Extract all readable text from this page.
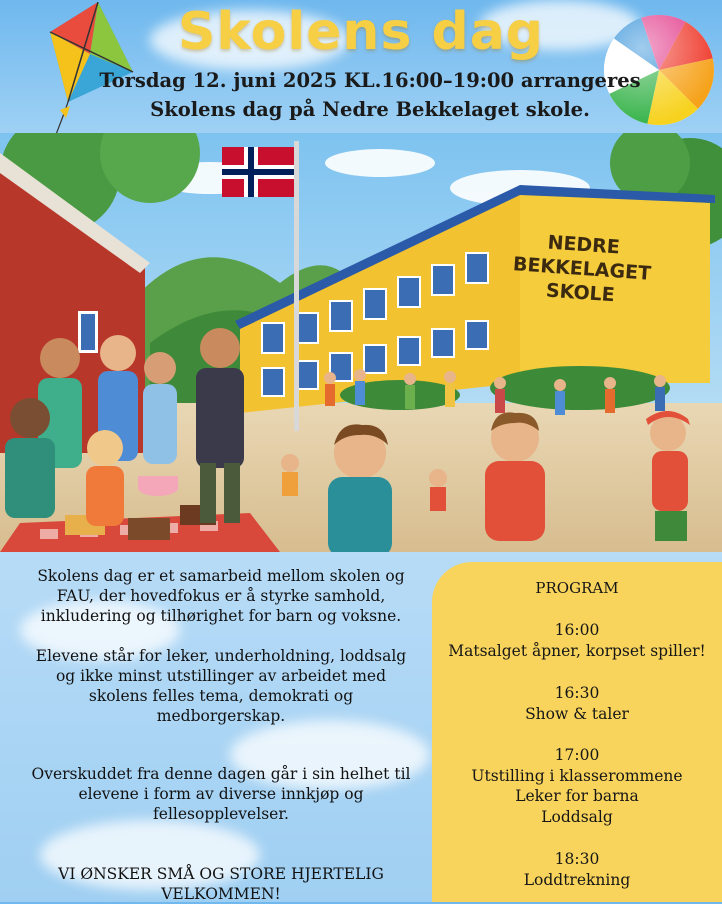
Skolens dag
Torsdag 12. juni 2025 KL.16:00–19:00 arrangeres
Skolens dag på Nedre Bekkelaget skole.
NEDRE
BEKKELAGET
SKOLE

Skolens dag er et samarbeid mellom skolen og FAU, der hovedfokus er å styrke samhold, inkludering og tilhørighet for barn og voksne.

Elevene står for leker, underholdning, loddsalg og ikke minst utstillinger av arbeidet med skolens felles tema, demokrati og medborgerskap.

Overskuddet fra denne dagen går i sin helhet til elevene i form av diverse innkjøp og fellesopplevelser.

VI ØNSKER SMÅ OG STORE HJERTELIG VELKOMMEN!

PROGRAM
16:00
Matsalget åpner, korpset spiller!
16:30
Show & taler
17:00
Utstilling i klasserommene
Leker for barna
Loddsalg
18:30
Loddtrekning
